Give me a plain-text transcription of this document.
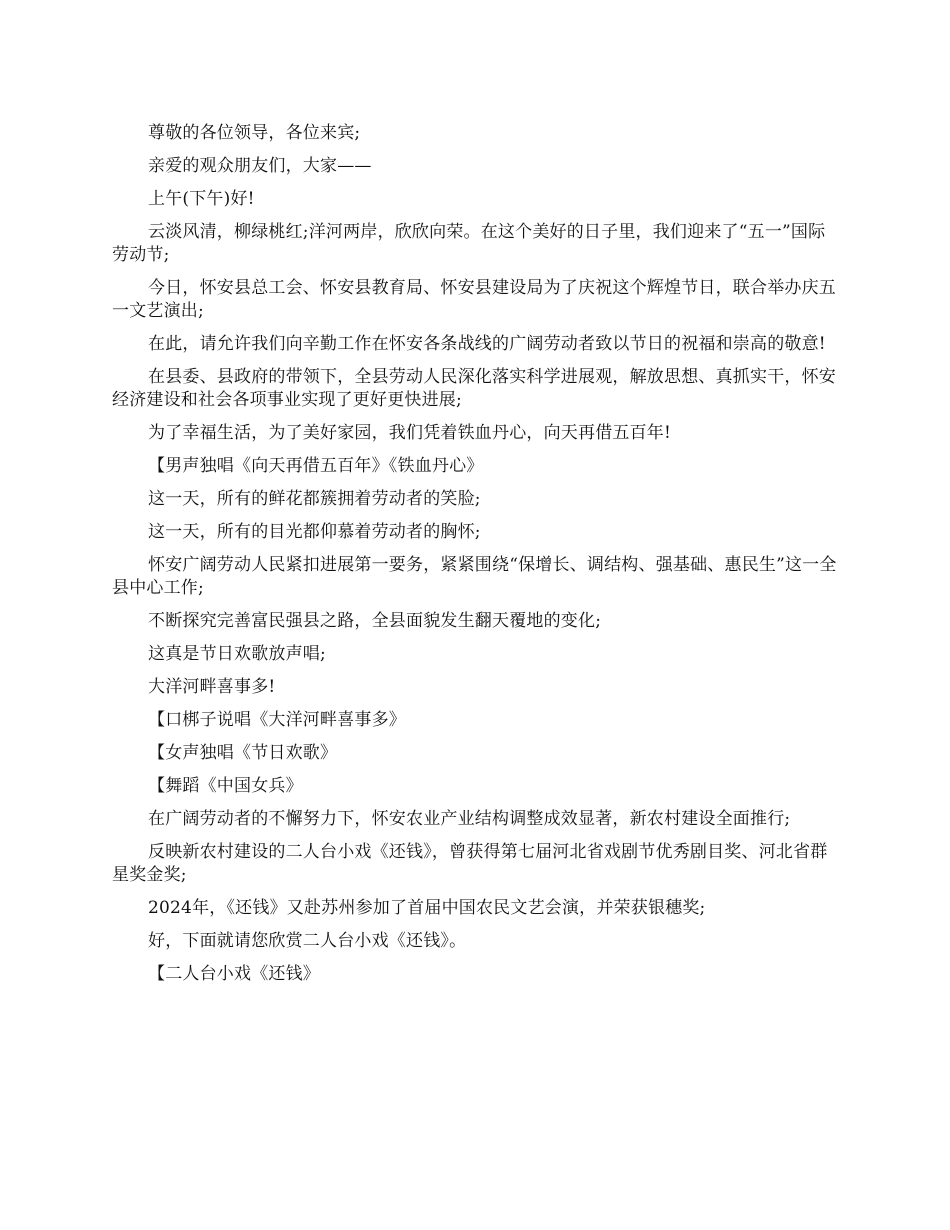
尊敬的各位领导，各位来宾;

亲爱的观众朋友们，大家——

上午(下午)好!

云淡风清，柳绿桃红;洋河两岸，欣欣向荣。在这个美好的日子里，我们迎来了“五一”国际劳动节;

今日，怀安县总工会、怀安县教育局、怀安县建设局为了庆祝这个辉煌节日，联合举办庆五一文艺演出;

在此，请允许我们向辛勤工作在怀安各条战线的广阔劳动者致以节日的祝福和崇高的敬意!

在县委、县政府的带领下，全县劳动人民深化落实科学进展观，解放思想、真抓实干，怀安经济建设和社会各项事业实现了更好更快进展;

为了幸福生活，为了美好家园，我们凭着铁血丹心，向天再借五百年!

【男声独唱《向天再借五百年》《铁血丹心》

这一天，所有的鲜花都簇拥着劳动者的笑脸;

这一天，所有的目光都仰慕着劳动者的胸怀;

怀安广阔劳动人民紧扣进展第一要务，紧紧围绕“保增长、调结构、强基础、惠民生”这一全县中心工作;

不断探究完善富民强县之路，全县面貌发生翻天覆地的变化;

这真是节日欢歌放声唱;

大洋河畔喜事多!

【口梆子说唱《大洋河畔喜事多》

【女声独唱《节日欢歌》

【舞蹈《中国女兵》

在广阔劳动者的不懈努力下，怀安农业产业结构调整成效显著，新农村建设全面推行;

反映新农村建设的二人台小戏《还钱》，曾获得第七届河北省戏剧节优秀剧目奖、河北省群星奖金奖;

2024年，《还钱》又赴苏州参加了首届中国农民文艺会演，并荣获银穗奖;

好，下面就请您欣赏二人台小戏《还钱》。

【二人台小戏《还钱》
